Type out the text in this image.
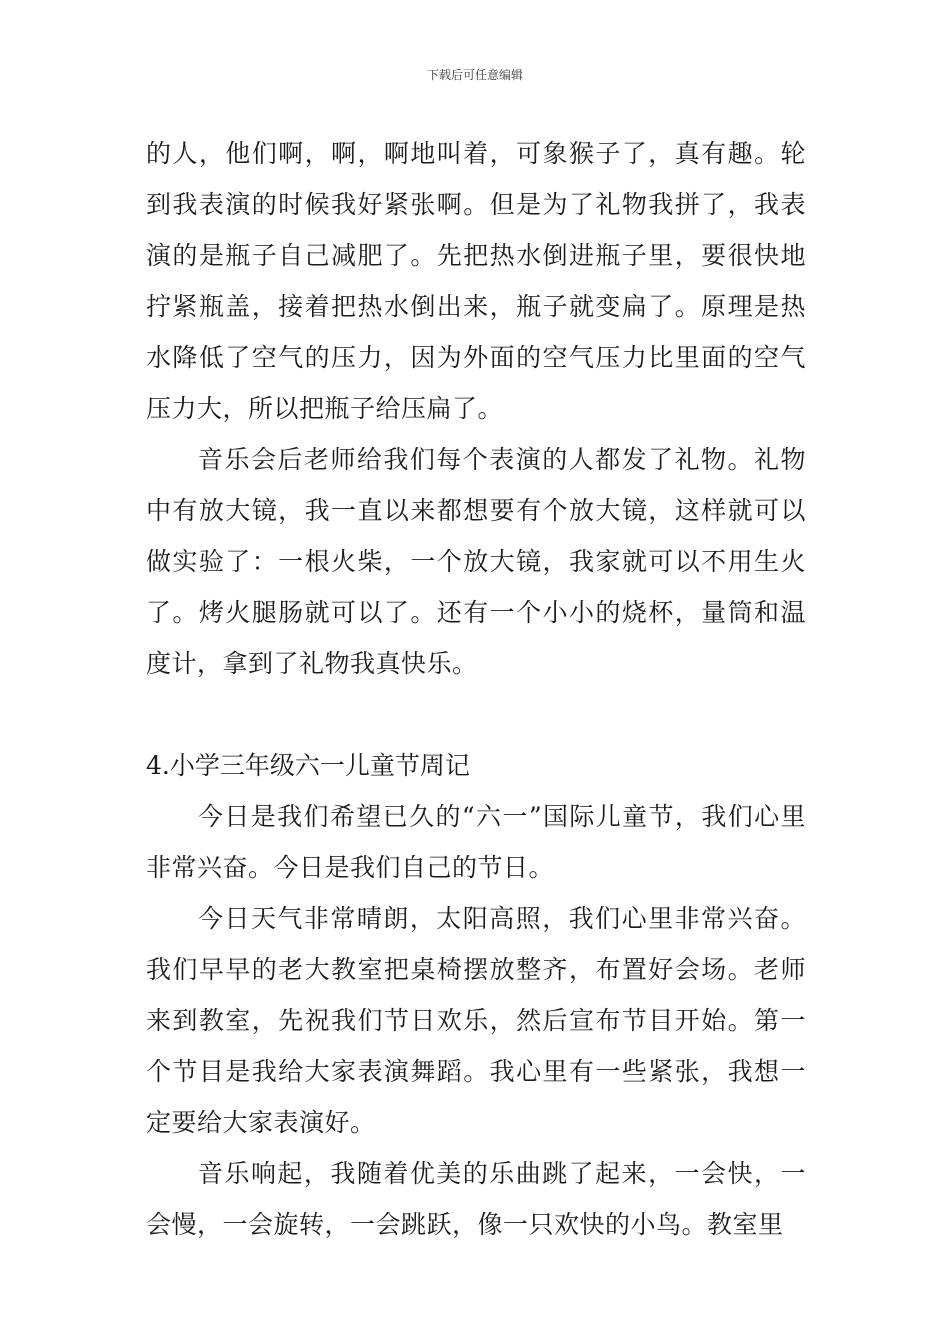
下载后可任意编辑

的人，他们啊，啊，啊地叫着，可象猴子了，真有趣。轮到我表演的时候我好紧张啊。但是为了礼物我拼了，我表演的是瓶子自己减肥了。先把热水倒进瓶子里，要很快地拧紧瓶盖，接着把热水倒出来，瓶子就变扁了。原理是热水降低了空气的压力，因为外面的空气压力比里面的空气压力大，所以把瓶子给压扁了。

音乐会后老师给我们每个表演的人都发了礼物。礼物中有放大镜，我一直以来都想要有个放大镜，这样就可以做实验了：一根火柴，一个放大镜，我家就可以不用生火了。烤火腿肠就可以了。还有一个小小的烧杯，量筒和温度计，拿到了礼物我真快乐。

4.小学三年级六一儿童节周记

今日是我们希望已久的“六一”国际儿童节，我们心里非常兴奋。今日是我们自己的节日。

今日天气非常晴朗，太阳高照，我们心里非常兴奋。我们早早的老大教室把桌椅摆放整齐，布置好会场。老师来到教室，先祝我们节日欢乐，然后宣布节目开始。第一个节目是我给大家表演舞蹈。我心里有一些紧张，我想一定要给大家表演好。

音乐响起，我随着优美的乐曲跳了起来，一会快，一会慢，一会旋转，一会跳跃，像一只欢快的小鸟。教室里
